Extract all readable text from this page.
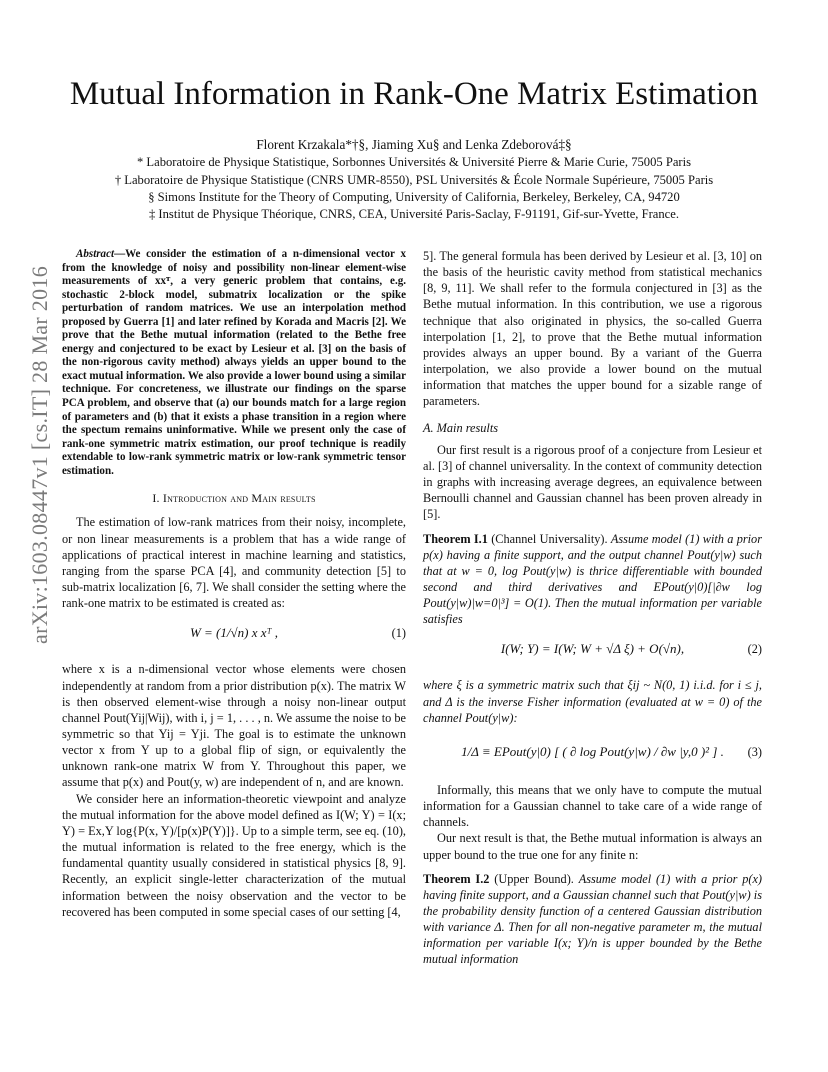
arXiv:1603.08447v1 [cs.IT] 28 Mar 2016
Mutual Information in Rank-One Matrix Estimation
Florent Krzakala*†§, Jiaming Xu§ and Lenka Zdeborová‡§
* Laboratoire de Physique Statistique, Sorbonnes Universités & Université Pierre & Marie Curie, 75005 Paris
† Laboratoire de Physique Statistique (CNRS UMR-8550), PSL Universités & École Normale Supérieure, 75005 Paris
§ Simons Institute for the Theory of Computing, University of California, Berkeley, Berkeley, CA, 94720
‡ Institut de Physique Théorique, CNRS, CEA, Université Paris-Saclay, F-91191, Gif-sur-Yvette, France.

Abstract—We consider the estimation of a n-dimensional vector x from the knowledge of noisy and possibility non-linear element-wise measurements of xxᵀ, a very generic problem that contains, e.g. stochastic 2-block model, submatrix localization or the spike perturbation of random matrices. We use an interpolation method proposed by Guerra [1] and later refined by Korada and Macris [2]. We prove that the Bethe mutual information (related to the Bethe free energy and conjectured to be exact by Lesieur et al. [3] on the basis of the non-rigorous cavity method) always yields an upper bound to the exact mutual information. We also provide a lower bound using a similar technique. For concreteness, we illustrate our findings on the sparse PCA problem, and observe that (a) our bounds match for a large region of parameters and (b) that it exists a phase transition in a region where the spectum remains uninformative. While we present only the case of rank-one symmetric matrix estimation, our proof technique is readily extendable to low-rank symmetric matrix or low-rank symmetric tensor estimation.

I. Introduction and Main results

The estimation of low-rank matrices from their noisy, incomplete, or non linear measurements is a problem that has a wide range of applications of practical interest in machine learning and statistics, ranging from the sparse PCA [4], and community detection [5] to sub-matrix localization [6, 7]. We shall consider the setting where the rank-one matrix to be estimated is created as:

W = (1/√n) x xᵀ ,	(1)

where x is a n-dimensional vector whose elements were chosen independently at random from a prior distribution p(x). The matrix W is then observed element-wise through a noisy non-linear output channel Pout(Yij|Wij), with i, j = 1, . . . , n. We assume the noise to be symmetric so that Yij = Yji. The goal is to estimate the unknown vector x from Y up to a global flip of sign, or equivalently the unknown rank-one matrix W from Y. Throughout this paper, we assume that p(x) and Pout(y, w) are independent of n, and are known.

We consider here an information-theoretic viewpoint and analyze the mutual information for the above model defined as I(W; Y) = I(x; Y) = Ex,Y log{P(x, Y)/[p(x)P(Y)]}. Up to a simple term, see eq. (10), the mutual information is related to the free energy, which is the fundamental quantity usually considered in statistical physics [8, 9]. Recently, an explicit single-letter characterization of the mutual information between the noisy observation and the vector to be recovered has been computed in some special cases of our setting [4,

5]. The general formula has been derived by Lesieur et al. [3, 10] on the basis of the heuristic cavity method from statistical mechanics [8, 9, 11]. We shall refer to the formula conjectured in [3] as the Bethe mutual information. In this contribution, we use a rigorous technique that also originated in physics, the so-called Guerra interpolation [1, 2], to prove that the Bethe mutual information provides always an upper bound. By a variant of the Guerra interpolation, we also provide a lower bound on the mutual information that matches the upper bound for a sizable range of parameters.

A. Main results

Our first result is a rigorous proof of a conjecture from Lesieur et al. [3] of channel universality. In the context of community detection in graphs with increasing average degrees, an equivalence between Bernoulli channel and Gaussian channel has been proven already in [5].

Theorem I.1 (Channel Universality). Assume model (1) with a prior p(x) having a finite support, and the output channel Pout(y|w) such that at w = 0, log Pout(y|w) is thrice differentiable with bounded second and third derivatives and EPout(y|0)[|∂w log Pout(y|w)|w=0|³] = O(1). Then the mutual information per variable satisfies

I(W; Y) = I(W; W + √Δ ξ) + O(√n),	(2)

where ξ is a symmetric matrix such that ξij ~ N(0, 1) i.i.d. for i ≤ j, and Δ is the inverse Fisher information (evaluated at w = 0) of the channel Pout(y|w):

1/Δ ≡ EPout(y|0) [ ( ∂ log Pout(y|w) / ∂w |y,0 )² ] .	(3)

Informally, this means that we only have to compute the mutual information for a Gaussian channel to take care of a wide range of channels.

Our next result is that, the Bethe mutual information is always an upper bound to the true one for any finite n:

Theorem I.2 (Upper Bound). Assume model (1) with a prior p(x) having finite support, and a Gaussian channel such that Pout(y|w) is the probability density function of a centered Gaussian distribution with variance Δ. Then for all non-negative parameter m, the mutual information per variable I(x; Y)/n is upper bounded by the Bethe mutual information
